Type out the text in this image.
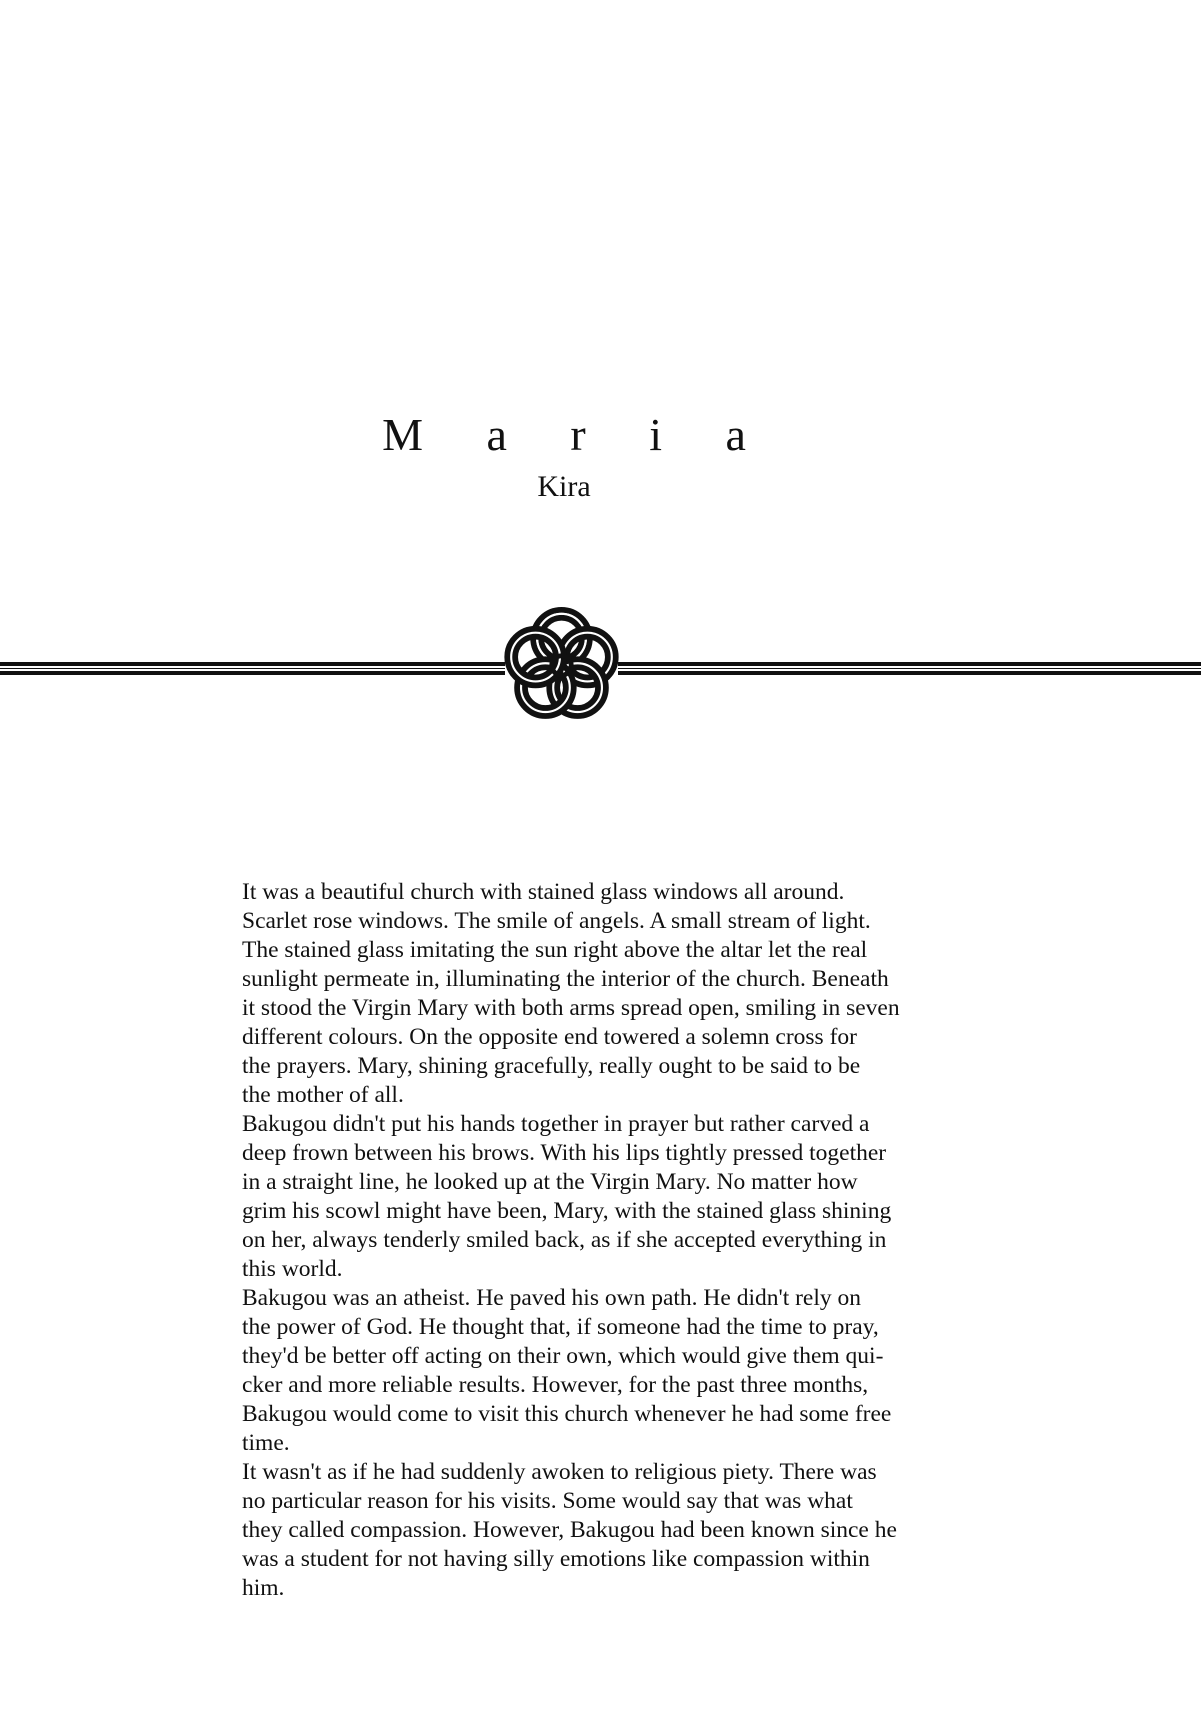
M a r i a
Kira

It was a beautiful church with stained glass windows all around.
Scarlet rose windows. The smile of angels. A small stream of light.
The stained glass imitating the sun right above the altar let the real
sunlight permeate in, illuminating the interior of the church. Beneath
it stood the Virgin Mary with both arms spread open, smiling in seven
different colours. On the opposite end towered a solemn cross for
the prayers. Mary, shining gracefully, really ought to be said to be
the mother of all.

Bakugou didn't put his hands together in prayer but rather carved a
deep frown between his brows. With his lips tightly pressed together
in a straight line, he looked up at the Virgin Mary. No matter how
grim his scowl might have been, Mary, with the stained glass shining
on her, always tenderly smiled back, as if she accepted everything in
this world.

Bakugou was an atheist. He paved his own path. He didn't rely on
the power of God. He thought that, if someone had the time to pray,
they'd be better off acting on their own, which would give them qui-
cker and more reliable results. However, for the past three months,
Bakugou would come to visit this church whenever he had some free
time.

It wasn't as if he had suddenly awoken to religious piety. There was
no particular reason for his visits. Some would say that was what
they called compassion. However, Bakugou had been known since he
was a student for not having silly emotions like compassion within
him.
